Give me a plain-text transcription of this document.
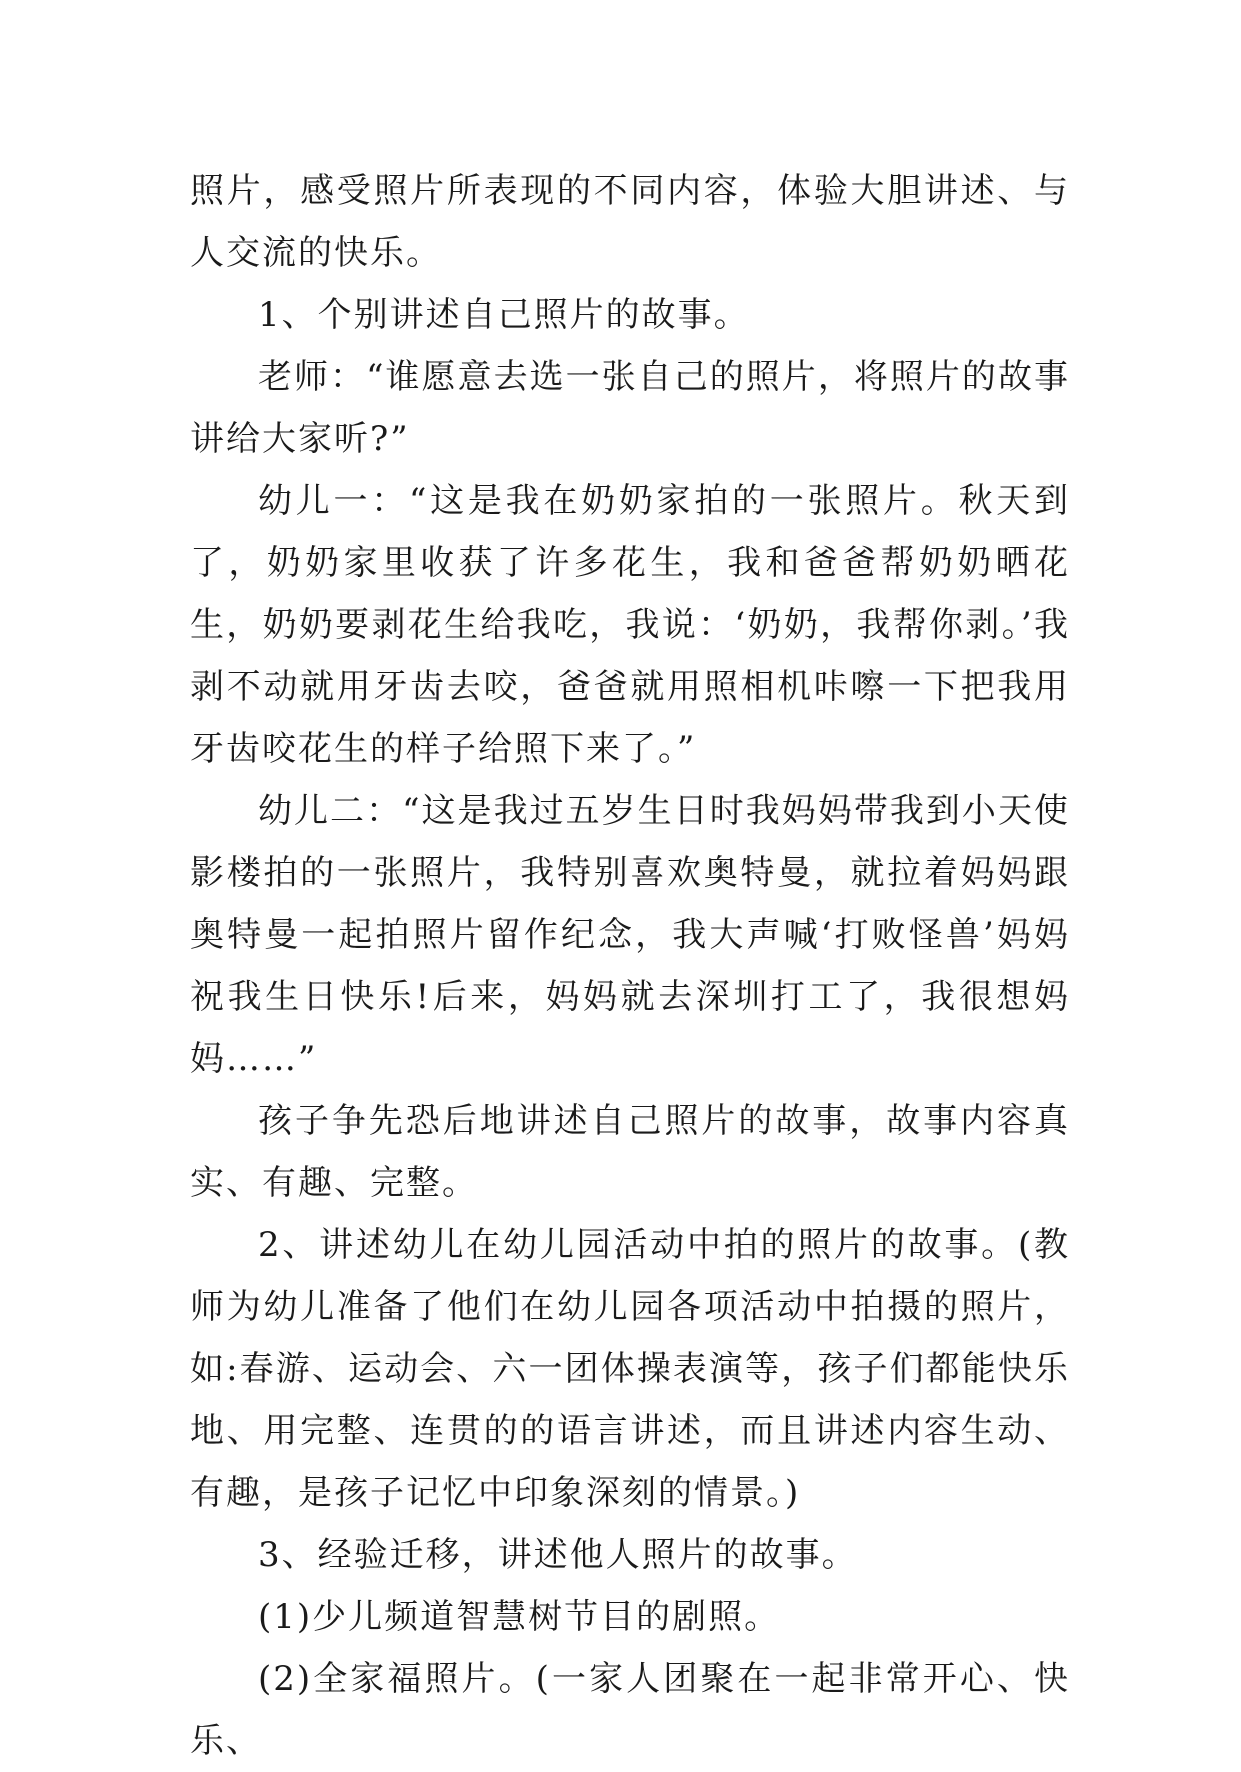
照片，感受照片所表现的不同内容，体验大胆讲述、与人交流的快乐。

1、个别讲述自己照片的故事。

老师：“谁愿意去选一张自己的照片，将照片的故事讲给大家听?”

幼儿一：“这是我在奶奶家拍的一张照片。秋天到了，奶奶家里收获了许多花生，我和爸爸帮奶奶晒花生，奶奶要剥花生给我吃，我说：‘奶奶，我帮你剥。’我剥不动就用牙齿去咬，爸爸就用照相机咔嚓一下把我用牙齿咬花生的样子给照下来了。”

幼儿二：“这是我过五岁生日时我妈妈带我到小天使影楼拍的一张照片，我特别喜欢奥特曼，就拉着妈妈跟奥特曼一起拍照片留作纪念，我大声喊‘打败怪兽’妈妈祝我生日快乐!后来，妈妈就去深圳打工了，我很想妈妈……”

孩子争先恐后地讲述自己照片的故事，故事内容真实、有趣、完整。

2、讲述幼儿在幼儿园活动中拍的照片的故事。(教师为幼儿准备了他们在幼儿园各项活动中拍摄的照片，如:春游、运动会、六一团体操表演等，孩子们都能快乐地、用完整、连贯的的语言讲述，而且讲述内容生动、有趣，是孩子记忆中印象深刻的情景。)

3、经验迁移，讲述他人照片的故事。

(1)少儿频道智慧树节目的剧照。

(2)全家福照片。(一家人团聚在一起非常开心、快乐、
